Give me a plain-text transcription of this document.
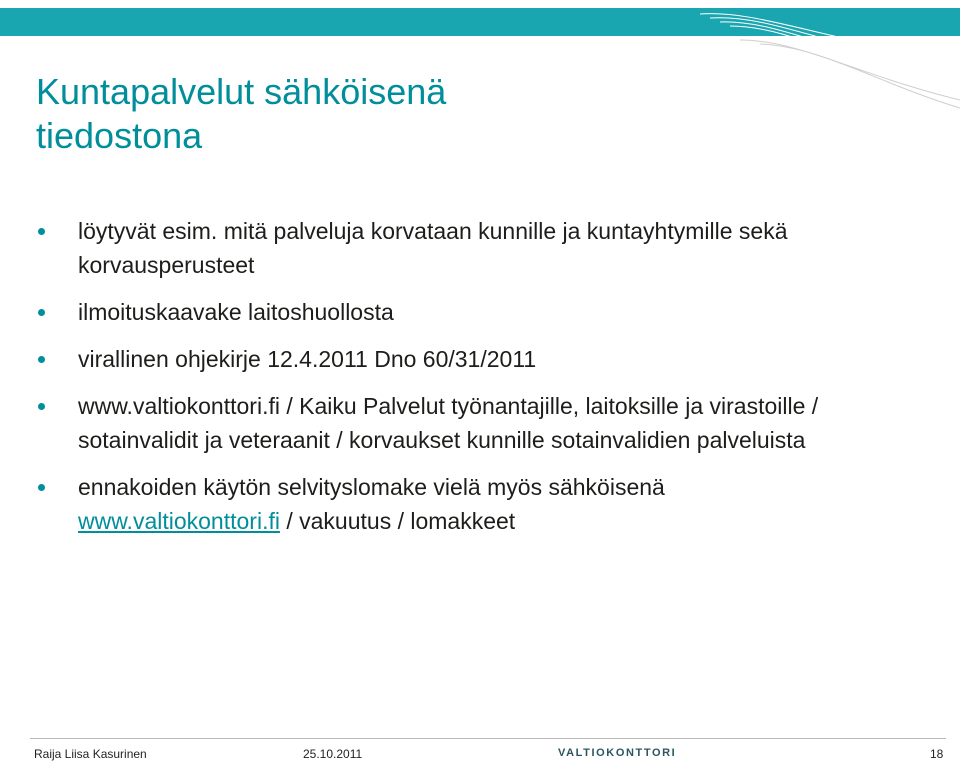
Kuntapalvelut sähköisenä
tiedostona
löytyvät esim. mitä palveluja korvataan kunnille ja kuntayhtymille sekä korvausperusteet
ilmoituskaavake laitoshuollosta
virallinen ohjekirje 12.4.2011 Dno 60/31/2011
www.valtiokonttori.fi / Kaiku Palvelut työnantajille, laitoksille ja virastoille / sotainvalidit ja veteraanit / korvaukset kunnille sotainvalidien palveluista
ennakoiden käytön selvityslomake vielä myös sähköisenä
www.valtiokonttori.fi / vakuutus / lomakkeet
Raija Liisa Kasurinen	25.10.2011	VALTIOKONTTORI	18
